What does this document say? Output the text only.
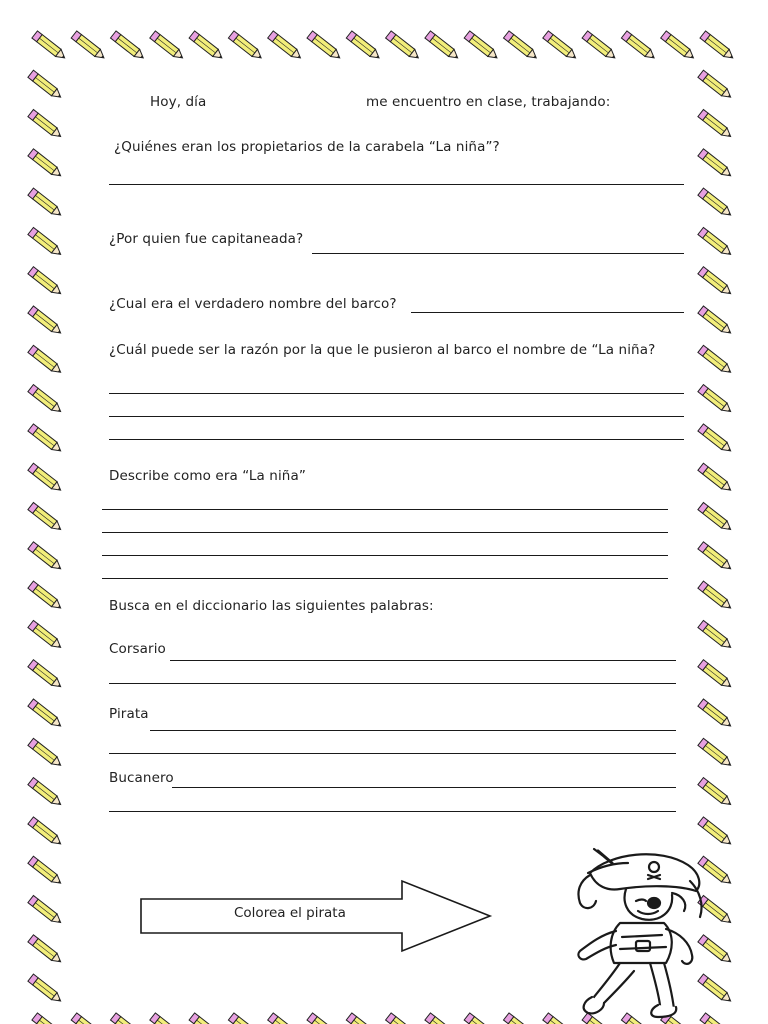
Hoy, día	me encuentro en clase, trabajando:
¿Quiénes eran los propietarios de la carabela “La niña”?
¿Por quien fue capitaneada?
¿Cual era el verdadero nombre del barco?
¿Cuál puede ser la razón por la que le pusieron al barco el nombre de “La niña?
Describe como era “La niña”
Busca en el diccionario las siguientes palabras:
Corsario
Pirata
Bucanero
Colorea el pirata
